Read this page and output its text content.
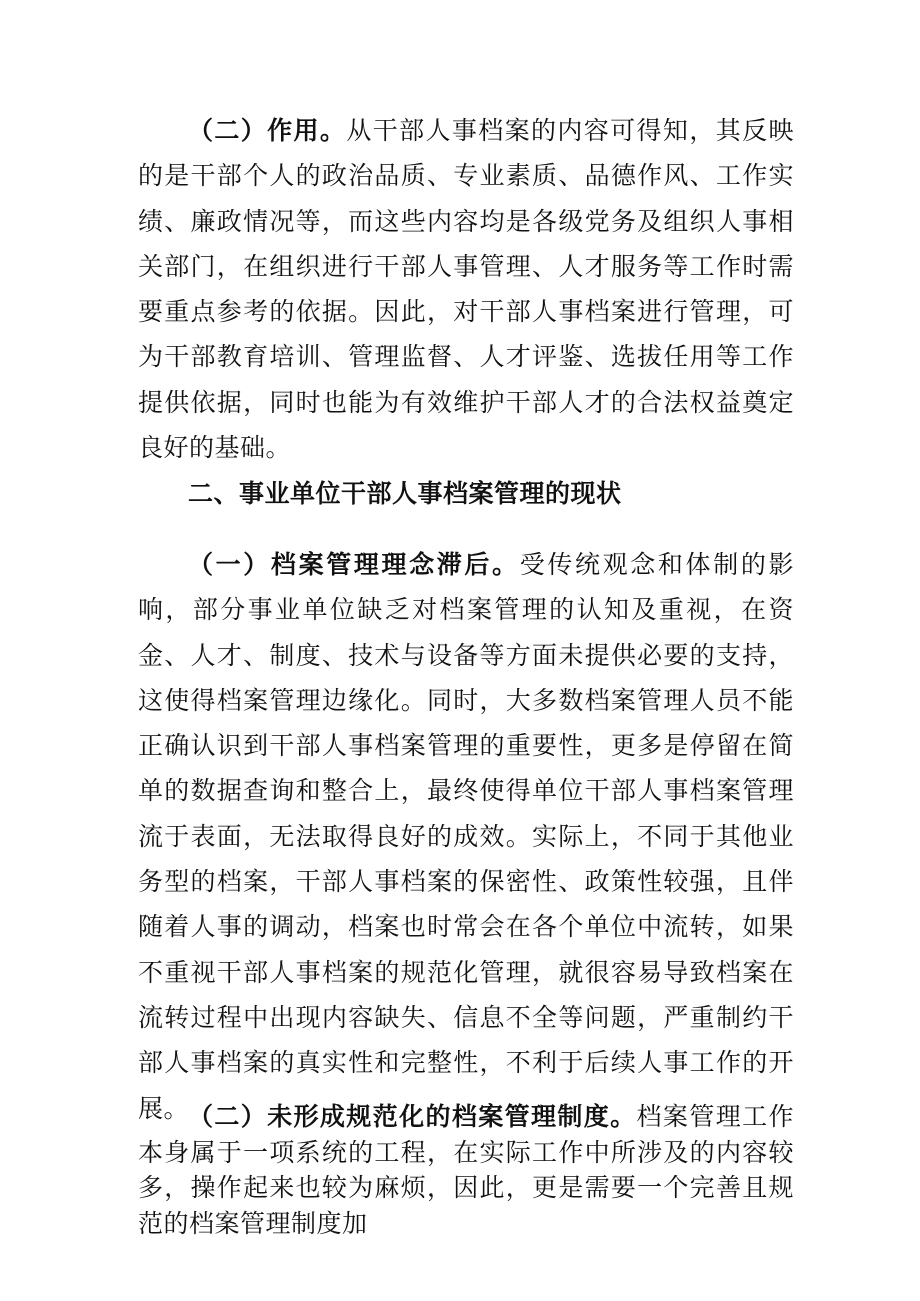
（二）作用。从干部人事档案的内容可得知，其反映的是干部个人的政治品质、专业素质、品德作风、工作实绩、廉政情况等，而这些内容均是各级党务及组织人事相关部门，在组织进行干部人事管理、人才服务等工作时需要重点参考的依据。因此，对干部人事档案进行管理，可为干部教育培训、管理监督、人才评鉴、选拔任用等工作提供依据，同时也能为有效维护干部人才的合法权益奠定良好的基础。

二、事业单位干部人事档案管理的现状

（一）档案管理理念滞后。受传统观念和体制的影响，部分事业单位缺乏对档案管理的认知及重视，在资金、人才、制度、技术与设备等方面未提供必要的支持，这使得档案管理边缘化。同时，大多数档案管理人员不能正确认识到干部人事档案管理的重要性，更多是停留在简单的数据查询和整合上，最终使得单位干部人事档案管理流于表面，无法取得良好的成效。实际上，不同于其他业务型的档案，干部人事档案的保密性、政策性较强，且伴随着人事的调动，档案也时常会在各个单位中流转，如果不重视干部人事档案的规范化管理，就很容易导致档案在流转过程中出现内容缺失、信息不全等问题，严重制约干部人事档案的真实性和完整性，不利于后续人事工作的开展。

（二）未形成规范化的档案管理制度。档案管理工作本身属于一项系统的工程，在实际工作中所涉及的内容较多，操作起来也较为麻烦，因此，更是需要一个完善且规范的档案管理制度加
